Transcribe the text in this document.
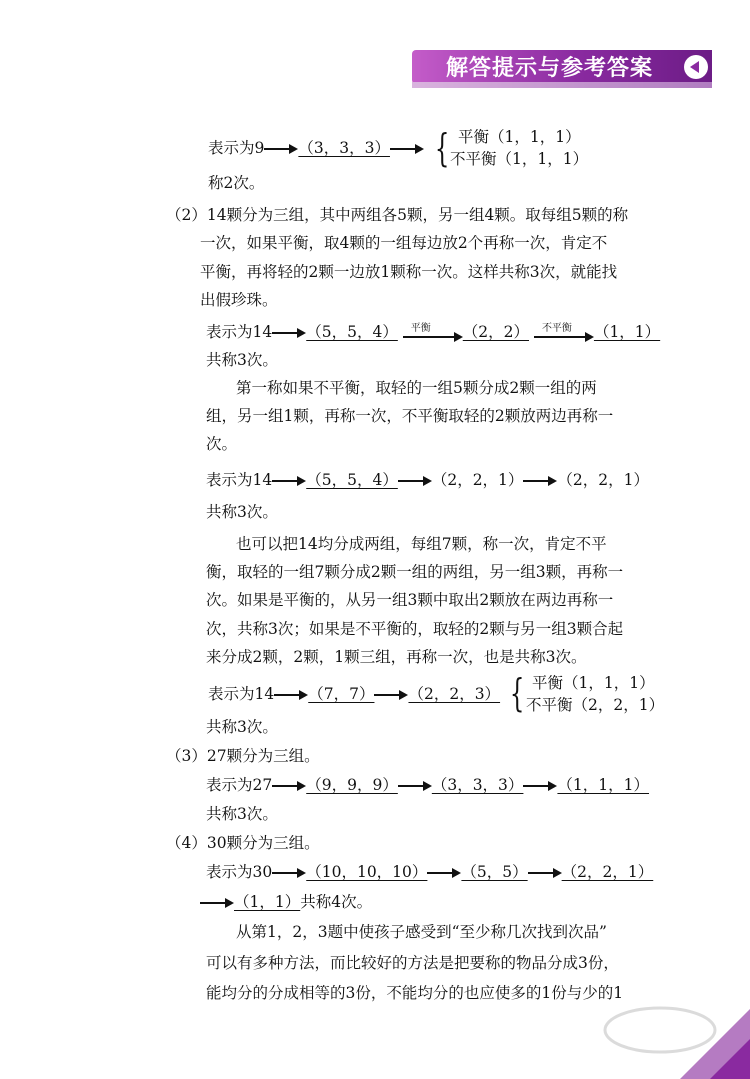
解答提示与参考答案
表示为9 （3，3，3）	{ 平衡（1，1，1）
不平衡（1，1，1）
称2次。
（2）14颗分为三组，其中两组各5颗，另一组4颗。取每组5颗的称
一次，如果平衡，取4颗的一组每边放2个再称一次，肯定不
平衡，再将轻的2颗一边放1颗称一次。这样共称3次，就能找
出假珍珠。
表示为14 （5，5，4） 平衡 （2，2） 不平衡 （1，1）
共称3次。
第一称如果不平衡，取轻的一组5颗分成2颗一组的两
组，另一组1颗，再称一次，不平衡取轻的2颗放两边再称一
次。
表示为14 （5，5，4） （2，2，1） （2，2，1）
共称3次。
也可以把14均分成两组，每组7颗，称一次，肯定不平
衡，取轻的一组7颗分成2颗一组的两组，另一组3颗，再称一
次。如果是平衡的，从另一组3颗中取出2颗放在两边再称一
次，共称3次；如果是不平衡的，取轻的2颗与另一组3颗合起
来分成2颗，2颗，1颗三组，再称一次，也是共称3次。
表示为14 （7，7） （2，2，3） { 平衡（1，1，1）
不平衡（2，2，1）
共称3次。
（3）27颗分为三组。
表示为27 （9，9，9） （3，3，3） （1，1，1）
共称3次。
（4）30颗分为三组。
表示为30 （10，10，10） （5，5） （2，2，1）
（1，1）共称4次。
从第1，2，3题中使孩子感受到“至少称几次找到次品”
可以有多种方法，而比较好的方法是把要称的物品分成3份，
能均分的分成相等的3份，不能均分的也应使多的1份与少的1
